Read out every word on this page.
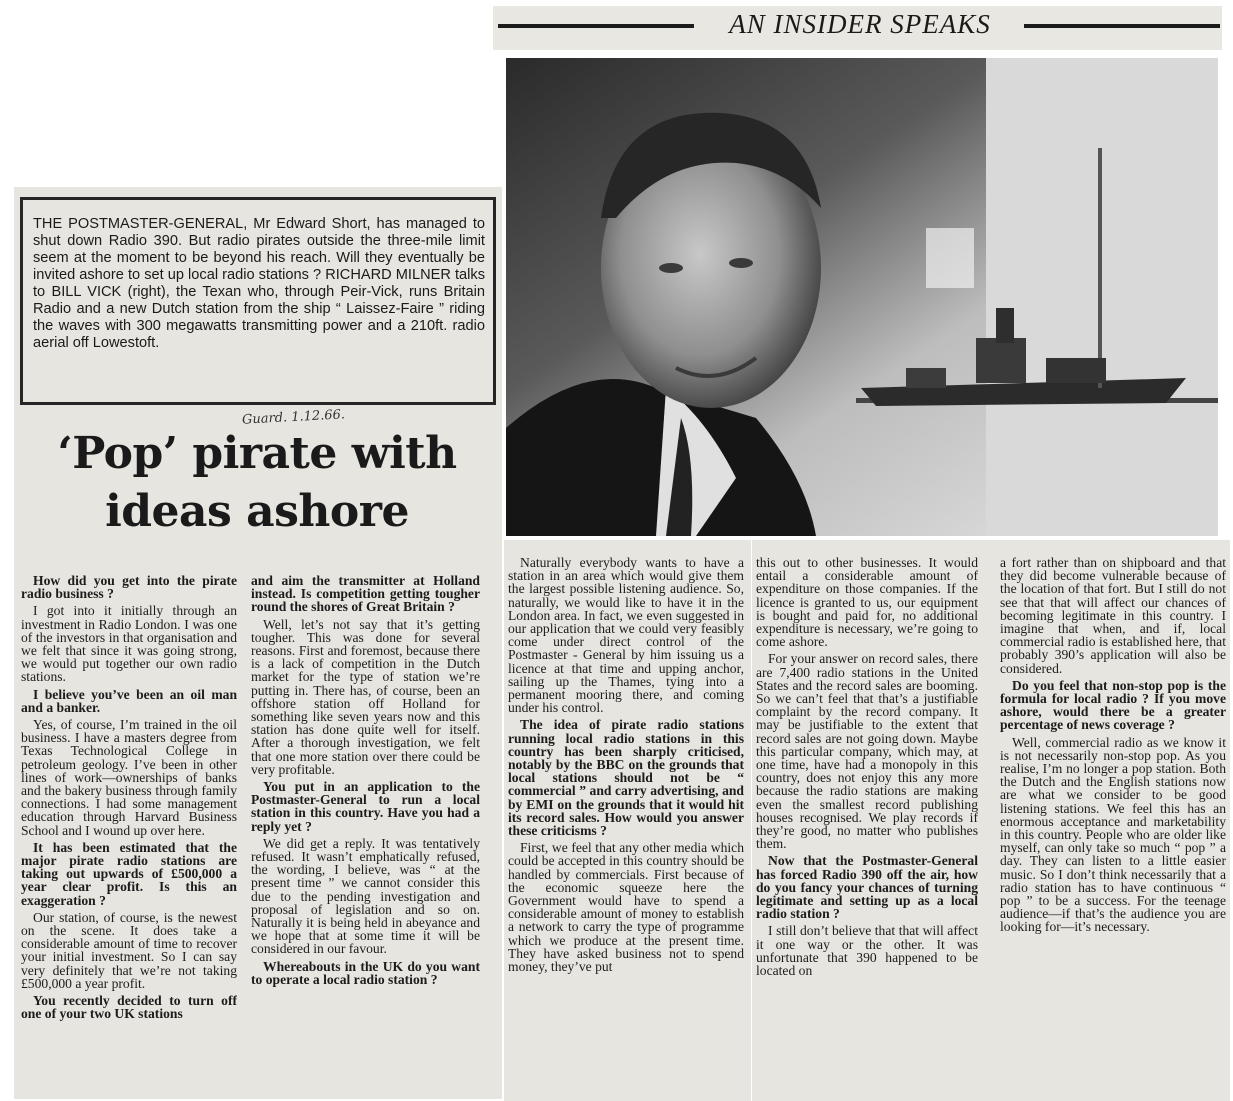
AN INSIDER SPEAKS

THE POSTMASTER-GENERAL, Mr Edward Short, has managed to shut down Radio 390. But radio pirates outside the three-mile limit seem at the moment to be beyond his reach. Will they eventually be invited ashore to set up local radio stations ? RICHARD MILNER talks to BILL VICK (right), the Texan who, through Peir-Vick, runs Britain Radio and a new Dutch station from the ship “ Laissez-Faire ” riding the waves with 300 megawatts transmitting power and a 210ft. radio aerial off Lowestoft.

Guard. 1.12.66.
‘Pop’ pirate with
ideas ashore

How did you get into the pirate radio business ?

I got into it initially through an investment in Radio London. I was one of the investors in that organisation and we felt that since it was going strong, we would put together our own radio stations.

I believe you’ve been an oil man and a banker.

Yes, of course, I’m trained in the oil business. I have a masters degree from Texas Technological College in petroleum geology. I’ve been in other lines of work—ownerships of banks and the bakery business through family connections. I had some management education through Harvard Business School and I wound up over here.

It has been estimated that the major pirate radio stations are taking out upwards of £500,000 a year clear profit. Is this an exaggeration ?

Our station, of course, is the newest on the scene. It does take a considerable amount of time to recover your initial investment. So I can say very definitely that we’re not taking £500,000 a year profit.

You recently decided to turn off one of your two UK stations

and aim the transmitter at Holland instead. Is competition getting tougher round the shores of Great Britain ?

Well, let’s not say that it’s getting tougher. This was done for several reasons. First and foremost, because there is a lack of competition in the Dutch market for the type of station we’re putting in. There has, of course, been an offshore station off Holland for something like seven years now and this station has done quite well for itself. After a thorough investigation, we felt that one more station over there could be very profitable.

You put in an application to the Postmaster-General to run a local station in this country. Have you had a reply yet ?

We did get a reply. It was tentatively refused. It wasn’t emphatically refused, the wording, I believe, was “ at the present time ” we cannot consider this due to the pending investigation and proposal of legislation and so on. Naturally it is being held in abeyance and we hope that at some time it will be considered in our favour.

Whereabouts in the UK do you want to operate a local radio station ?

Naturally everybody wants to have a station in an area which would give them the largest possible listening audience. So, naturally, we would like to have it in the London area. In fact, we even suggested in our application that we could very feasibly come under direct control of the Postmaster - General by him issuing us a licence at that time and upping anchor, sailing up the Thames, tying into a permanent mooring there, and coming under his control.

The idea of pirate radio stations running local radio stations in this country has been sharply criticised, notably by the BBC on the grounds that local stations should not be “ commercial ” and carry advertising, and by EMI on the grounds that it would hit its record sales. How would you answer these criticisms ?

First, we feel that any other media which could be accepted in this country should be handled by commercials. First because of the economic squeeze here the Government would have to spend a considerable amount of money to establish a network to carry the type of programme which we produce at the present time. They have asked business not to spend money, they’ve put

this out to other businesses. It would entail a considerable amount of expenditure on those companies. If the licence is granted to us, our equipment is bought and paid for, no additional expenditure is necessary, we’re going to come ashore.

For your answer on record sales, there are 7,400 radio stations in the United States and the record sales are booming. So we can’t feel that that’s a justifiable complaint by the record company. It may be justifiable to the extent that record sales are not going down. Maybe this particular company, which may, at one time, have had a monopoly in this country, does not enjoy this any more because the radio stations are making even the smallest record publishing houses recognised. We play records if they’re good, no matter who publishes them.

Now that the Postmaster-General has forced Radio 390 off the air, how do you fancy your chances of turning legitimate and setting up as a local radio station ?

I still don’t believe that that will affect it one way or the other. It was unfortunate that 390 happened to be located on

a fort rather than on shipboard and that they did become vulnerable because of the location of that fort. But I still do not see that that will affect our chances of becoming legitimate in this country. I imagine that when, and if, local commercial radio is established here, that probably 390’s application will also be considered.

Do you feel that non-stop pop is the formula for local radio ? If you move ashore, would there be a greater percentage of news coverage ?

Well, commercial radio as we know it is not necessarily non-stop pop. As you realise, I’m no longer a pop station. Both the Dutch and the English stations now are what we consider to be good listening stations. We feel this has an enormous acceptance and marketability in this country. People who are older like myself, can only take so much “ pop ” a day. They can listen to a little easier music. So I don’t think necessarily that a radio station has to have continuous “ pop ” to be a success. For the teenage audience—if that’s the audience you are looking for—it’s necessary.
